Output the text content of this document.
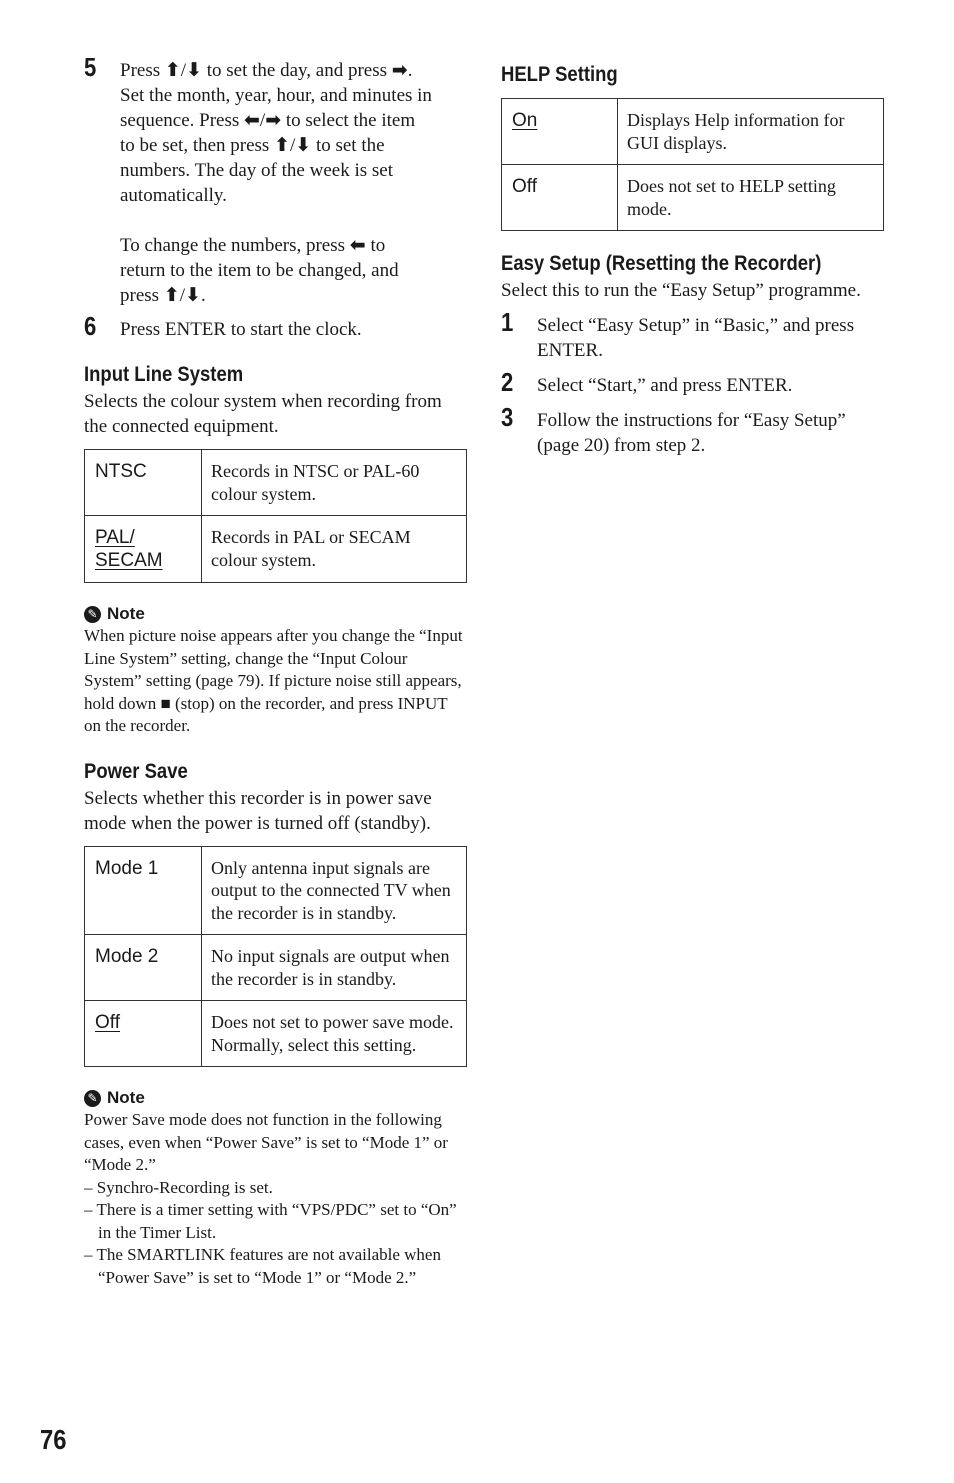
5 Press ⬆/⬇ to set the day, and press ➡.
Set the month, year, hour, and minutes in
sequence. Press ⬅/➡ to select the item
to be set, then press ⬆/⬇ to set the
numbers. The day of the week is set
automatically.
To change the numbers, press ⬅ to
return to the item to be changed, and
press ⬆/⬇.
6 Press ENTER to start the clock.
Input Line System
Selects the colour system when recording from the connected equipment.
NTSC	Records in NTSC or PAL-60 colour system.
PAL/
SECAM	Records in PAL or SECAM colour system.
✎ Note
When picture noise appears after you change the “Input Line System” setting, change the “Input Colour System” setting (page 79). If picture noise still appears, hold down ■ (stop) on the recorder, and press INPUT on the recorder.
Power Save
Selects whether this recorder is in power save mode when the power is turned off (standby).
Mode 1	Only antenna input signals are output to the connected TV when the recorder is in standby.
Mode 2	No input signals are output when the recorder is in standby.
Off	Does not set to power save mode. Normally, select this setting.
✎ Note
Power Save mode does not function in the following cases, even when “Power Save” is set to “Mode 1” or “Mode 2.”
– Synchro-Recording is set.
– There is a timer setting with “VPS/PDC” set to “On” in the Timer List.
– The SMARTLINK features are not available when “Power Save” is set to “Mode 1” or “Mode 2.”
HELP Setting
On	Displays Help information for GUI displays.
Off	Does not set to HELP setting mode.
Easy Setup (Resetting the Recorder)
Select this to run the “Easy Setup” programme.
1 Select “Easy Setup” in “Basic,” and press ENTER.
2 Select “Start,” and press ENTER.
3 Follow the instructions for “Easy Setup” (page 20) from step 2.
76
